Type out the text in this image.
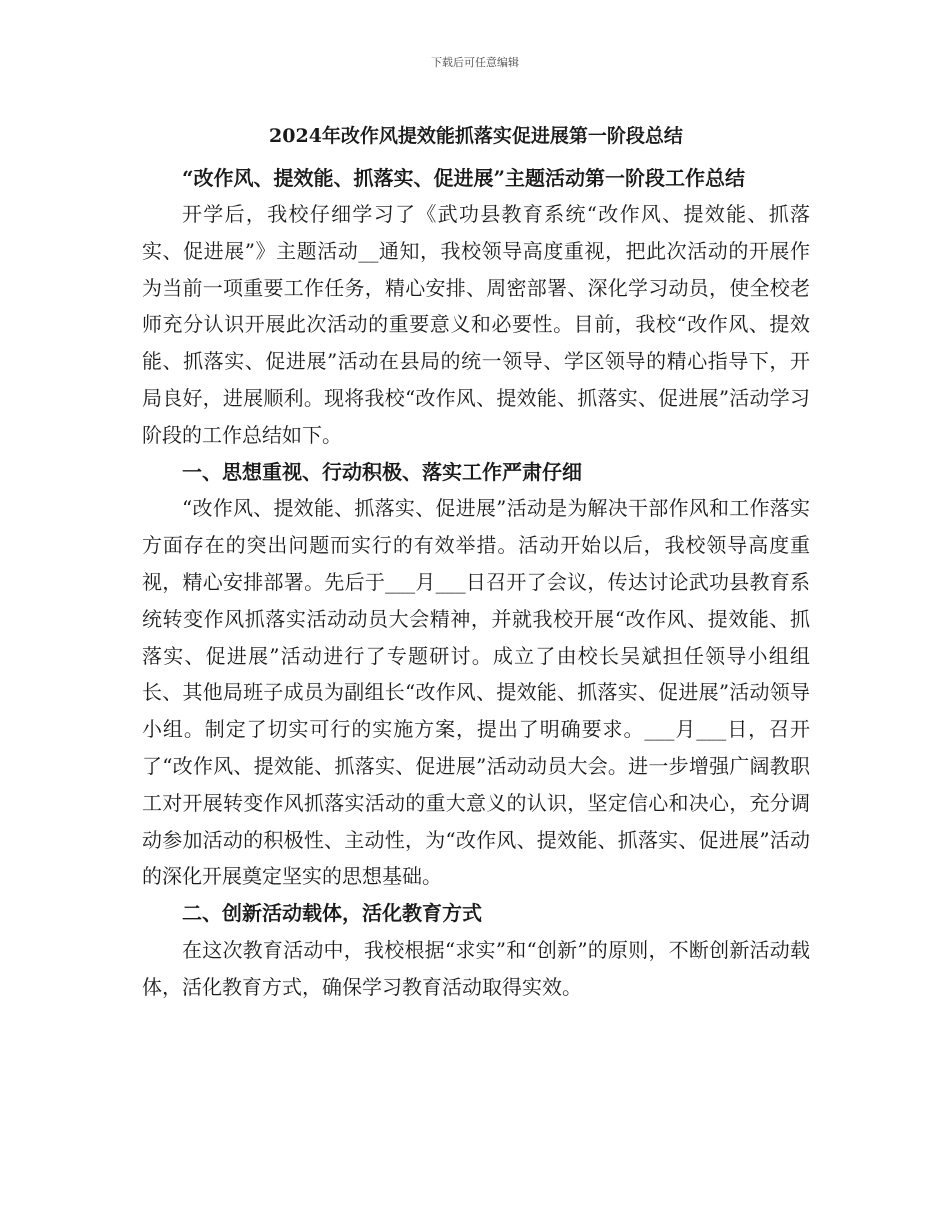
下载后可任意编辑
2024年改作风提效能抓落实促进展第一阶段总结

“改作风、提效能、抓落实、促进展”主题活动第一阶段工作总结

开学后，我校仔细学习了《武功县教育系统“改作风、提效能、抓落实、促进展”》主题活动__通知，我校领导高度重视，把此次活动的开展作为当前一项重要工作任务，精心安排、周密部署、深化学习动员，使全校老师充分认识开展此次活动的重要意义和必要性。目前，我校“改作风、提效能、抓落实、促进展”活动在县局的统一领导、学区领导的精心指导下，开局良好，进展顺利。现将我校“改作风、提效能、抓落实、促进展”活动学习阶段的工作总结如下。

一、思想重视、行动积极、落实工作严肃仔细

“改作风、提效能、抓落实、促进展”活动是为解决干部作风和工作落实方面存在的突出问题而实行的有效举措。活动开始以后，我校领导高度重视，精心安排部署。先后于___月___日召开了会议，传达讨论武功县教育系统转变作风抓落实活动动员大会精神，并就我校开展“改作风、提效能、抓落实、促进展”活动进行了专题研讨。成立了由校长吴斌担任领导小组组长、其他局班子成员为副组长“改作风、提效能、抓落实、促进展”活动领导小组。制定了切实可行的实施方案，提出了明确要求。___月___日，召开了“改作风、提效能、抓落实、促进展”活动动员大会。进一步增强广阔教职工对开展转变作风抓落实活动的重大意义的认识，坚定信心和决心，充分调动参加活动的积极性、主动性，为“改作风、提效能、抓落实、促进展”活动的深化开展奠定坚实的思想基础。

二、创新活动载体，活化教育方式

在这次教育活动中，我校根据“求实”和“创新”的原则，不断创新活动载体，活化教育方式，确保学习教育活动取得实效。
